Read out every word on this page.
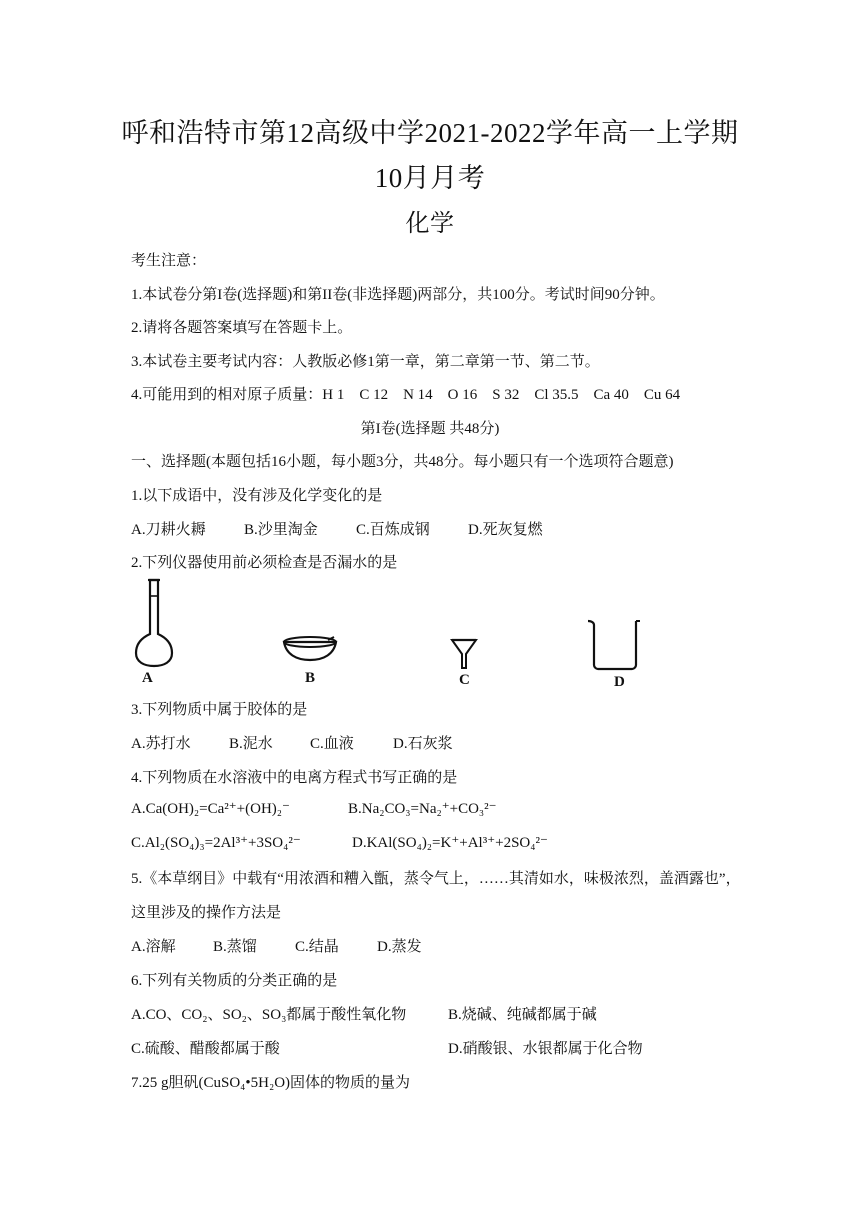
呼和浩特市第12高级中学2021-2022学年高一上学期
10月月考
化学
考生注意：
1.本试卷分第I卷(选择题)和第II卷(非选择题)两部分，共100分。考试时间90分钟。
2.请将各题答案填写在答题卡上。
3.本试卷主要考试内容：人教版必修1第一章，第二章第一节、第二节。
4.可能用到的相对原子质量：H 1    C 12    N 14    O 16    S 32    Cl 35.5    Ca 40    Cu 64
第I卷(选择题 共48分)
一、选择题(本题包括16小题，每小题3分，共48分。每小题只有一个选项符合题意)
1.以下成语中，没有涉及化学变化的是
A.刀耕火耨	B.沙里淘金	C.百炼成钢	D.死灰复燃
2.下列仪器使用前必须检查是否漏水的是
A	B	C	D
3.下列物质中属于胶体的是
A.苏打水	B.泥水 C.血液	D.石灰浆
4.下列物质在水溶液中的电离方程式书写正确的是
A.Ca(OH)₂=Ca²⁺+(OH)₂⁻	B.Na₂CO₃=Na₂⁺+CO₃²⁻
C.Al₂(SO₄)₃=2Al³⁺+3SO₄²⁻	D.KAl(SO₄)₂=K⁺+Al³⁺+2SO₄²⁻
5.《本草纲目》中载有“用浓酒和糟入甑，蒸令气上，……其清如水，味极浓烈，盖酒露也”，
这里涉及的操作方法是
A.溶解 B.蒸馏	C.结晶	D.蒸发
6.下列有关物质的分类正确的是
A.CO、CO₂、SO₂、SO₃都属于酸性氧化物	B.烧碱、纯碱都属于碱
C.硫酸、醋酸都属于酸	D.硝酸银、水银都属于化合物
7.25 g胆矾(CuSO₄•5H₂O)固体的物质的量为
